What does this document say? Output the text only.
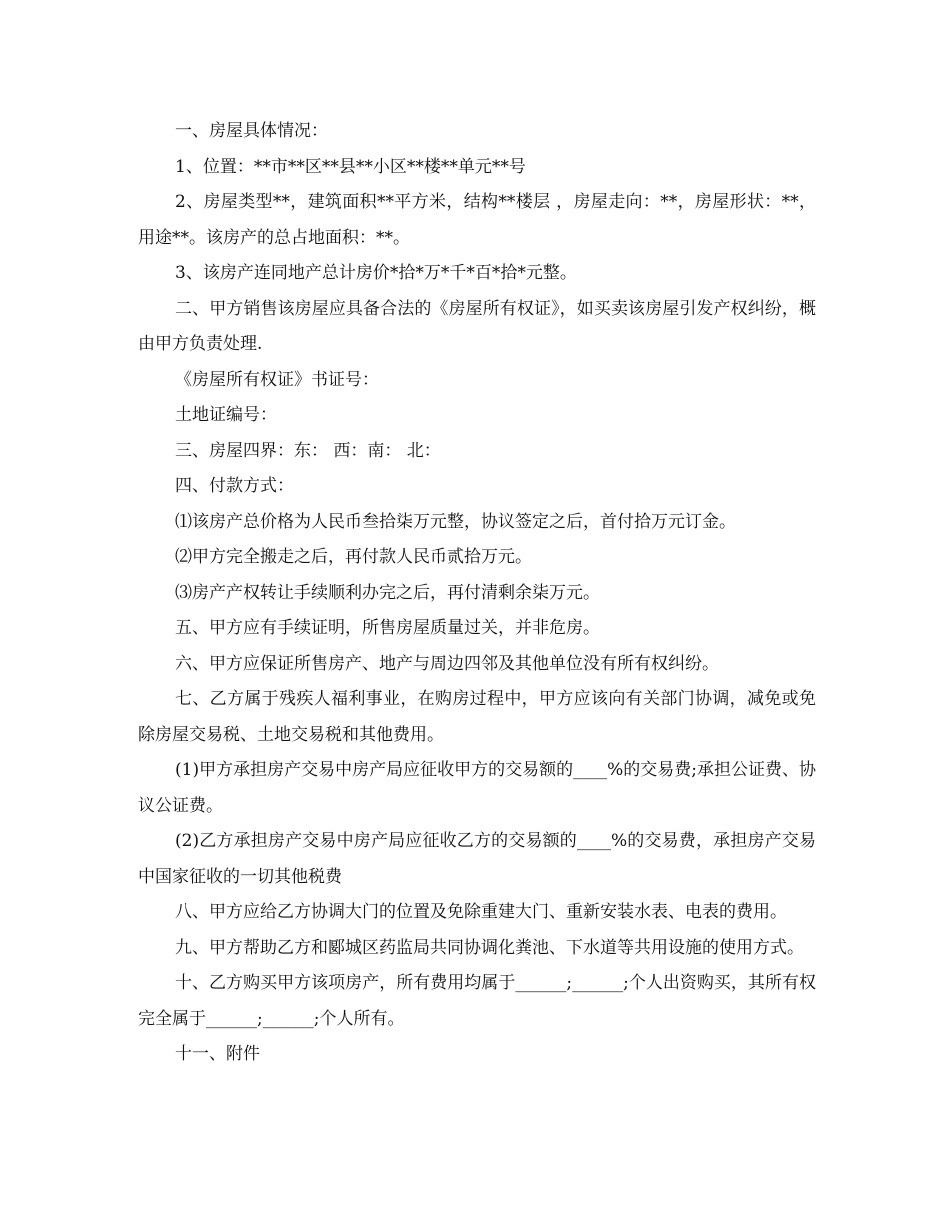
一、房屋具体情况：

1、位置：**市**区**县**小区**楼**单元**号

2、房屋类型**，建筑面积**平方米，结构**楼层 ，房屋走向：**，房屋形状：**，用途**。该房产的总占地面积：**。

3、该房产连同地产总计房价*拾*万*千*百*拾*元整。

二、甲方销售该房屋应具备合法的《房屋所有权证》，如买卖该房屋引发产权纠纷，概由甲方负责处理.

《房屋所有权证》书证号：

土地证编号：

三、房屋四界：东： 西：南： 北：

四、付款方式：

⑴该房产总价格为人民币叁拾柒万元整，协议签定之后，首付拾万元订金。

⑵甲方完全搬走之后，再付款人民币贰拾万元。

⑶房产产权转让手续顺利办完之后，再付清剩余柒万元。

五、甲方应有手续证明，所售房屋质量过关，并非危房。

六、甲方应保证所售房产、地产与周边四邻及其他单位没有所有权纠纷。

七、乙方属于残疾人福利事业，在购房过程中，甲方应该向有关部门协调，减免或免除房屋交易税、土地交易税和其他费用。

(1)甲方承担房产交易中房产局应征收甲方的交易额的____%的交易费;承担公证费、协议公证费。

(2)乙方承担房产交易中房产局应征收乙方的交易额的____%的交易费，承担房产交易中国家征收的一切其他税费

八、甲方应给乙方协调大门的位置及免除重建大门、重新安装水表、电表的费用。

九、甲方帮助乙方和郾城区药监局共同协调化粪池、下水道等共用设施的使用方式。

十、乙方购买甲方该项房产，所有费用均属于______;______;个人出资购买，其所有权完全属于______;______;个人所有。

十一、附件
